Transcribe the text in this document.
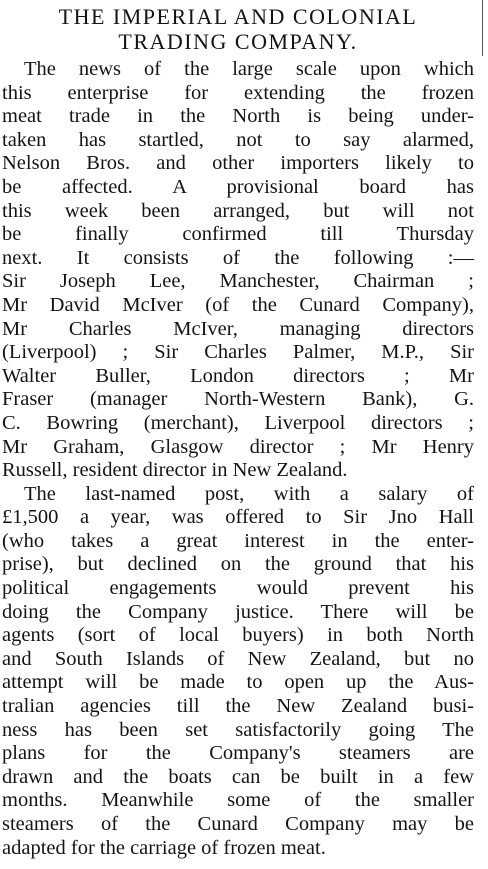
THE IMPERIAL AND COLONIAL
TRADING COMPANY.

The news of the large scale upon which
this enterprise for extending the frozen
meat trade in the North is being under-
taken has startled, not to say alarmed,
Nelson Bros. and other importers likely to
be affected. A provisional board has
this week been arranged, but will not
be finally confirmed till Thursday
next. It consists of the following :—
Sir Joseph Lee, Manchester, Chairman ;
Mr David McIver (of the Cunard Company),
Mr Charles McIver, managing directors
(Liverpool) ; Sir Charles Palmer, M.P., Sir
Walter Buller, London directors ; Mr
Fraser (manager North-Western Bank), G.
C. Bowring (merchant), Liverpool directors ;
Mr Graham, Glasgow director ; Mr Henry
Russell, resident director in New Zealand.

The last-named post, with a salary of
£1,500 a year, was offered to Sir Jno Hall
(who takes a great interest in the enter-
prise), but declined on the ground that his
political engagements would prevent his
doing the Company justice. There will be
agents (sort of local buyers) in both North
and South Islands of New Zealand, but no
attempt will be made to open up the Aus-
tralian agencies till the New Zealand busi-
ness has been set satisfactorily going The
plans for the Company's steamers are
drawn and the boats can be built in a few
months. Meanwhile some of the smaller
steamers of the Cunard Company may be
adapted for the carriage of frozen meat.
